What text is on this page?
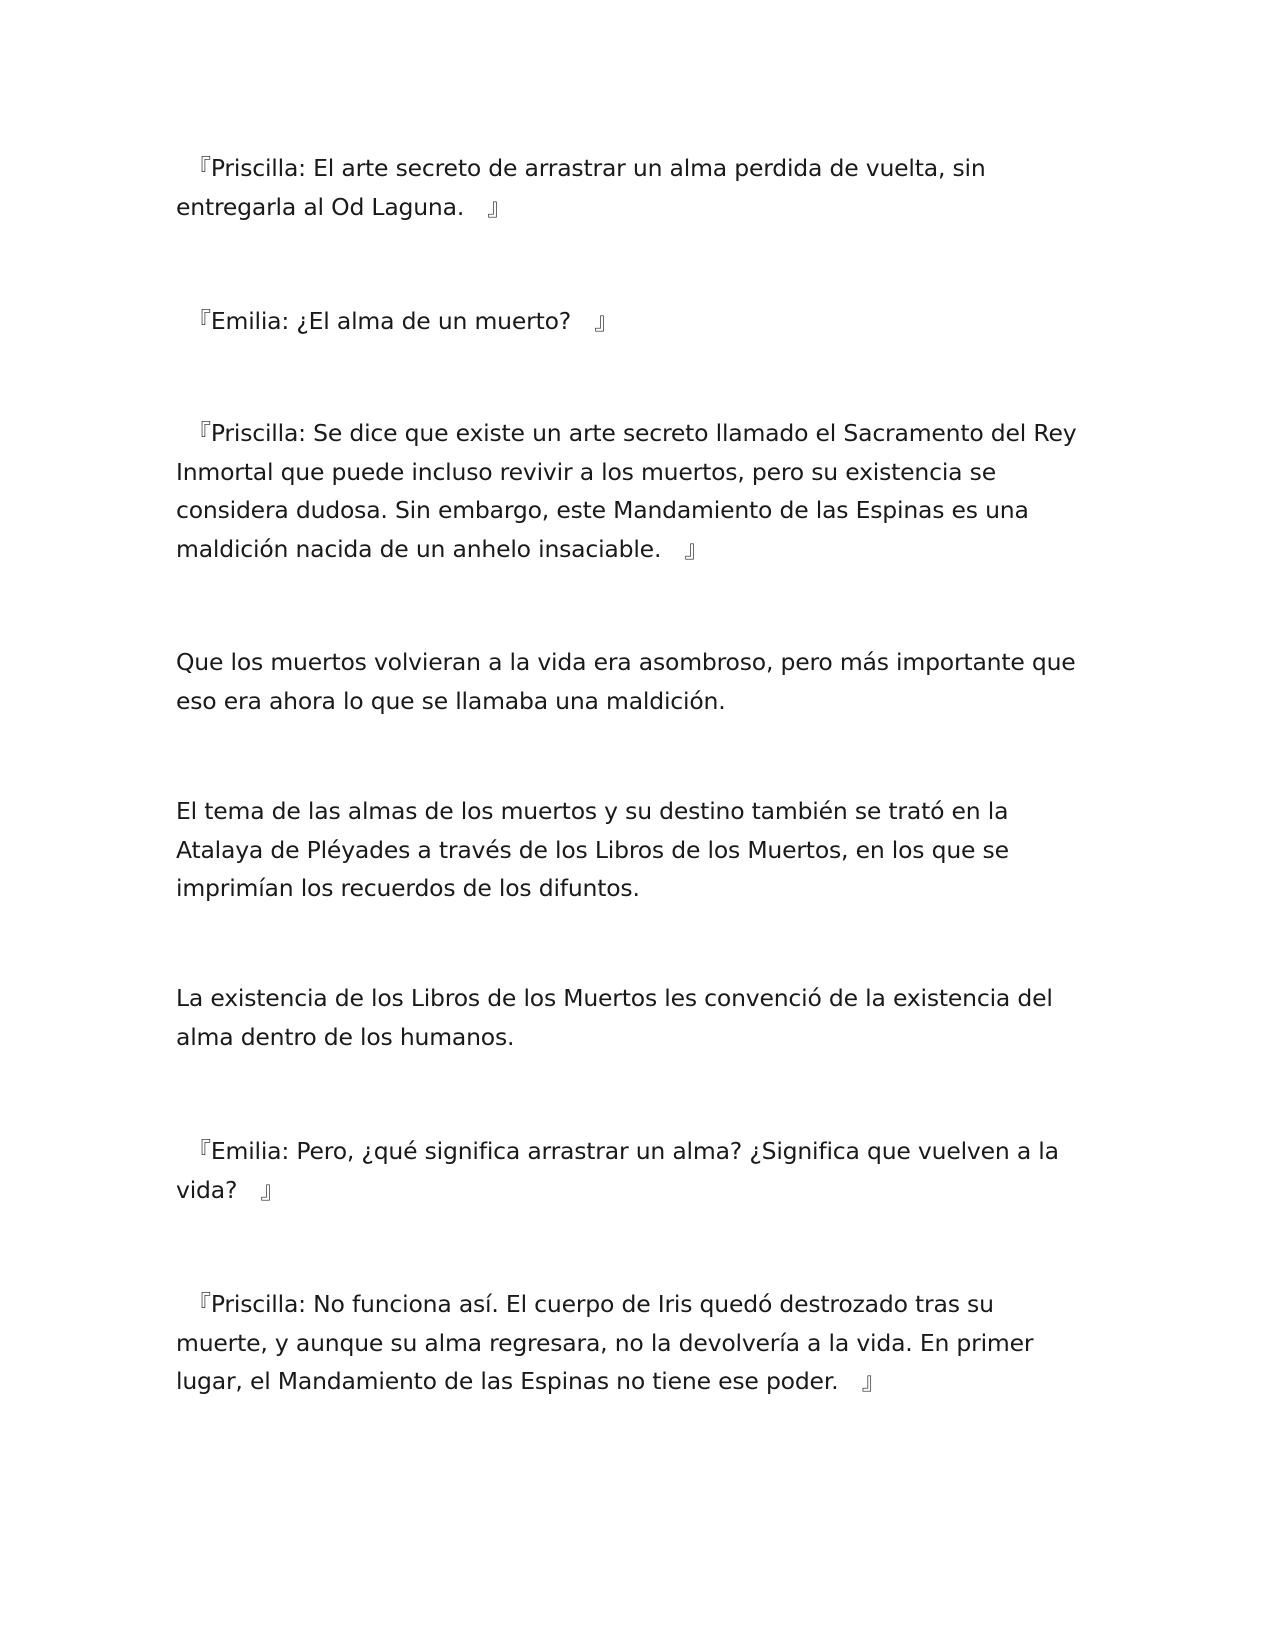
　『Priscilla: El arte secreto de arrastrar un alma perdida de vuelta, sin
entregarla al Od Laguna.　』

　『Emilia: ¿El alma de un muerto?　』

　『Priscilla: Se dice que existe un arte secreto llamado el Sacramento del Rey
Inmortal que puede incluso revivir a los muertos, pero su existencia se
considera dudosa. Sin embargo, este Mandamiento de las Espinas es una
maldición nacida de un anhelo insaciable.　』

Que los muertos volvieran a la vida era asombroso, pero más importante que
eso era ahora lo que se llamaba una maldición.

El tema de las almas de los muertos y su destino también se trató en la
Atalaya de Pléyades a través de los Libros de los Muertos, en los que se
imprimían los recuerdos de los difuntos.

La existencia de los Libros de los Muertos les convenció de la existencia del
alma dentro de los humanos.

　『Emilia: Pero, ¿qué significa arrastrar un alma? ¿Significa que vuelven a la
vida?　』

　『Priscilla: No funciona así. El cuerpo de Iris quedó destrozado tras su
muerte, y aunque su alma regresara, no la devolvería a la vida. En primer
lugar, el Mandamiento de las Espinas no tiene ese poder.　』
